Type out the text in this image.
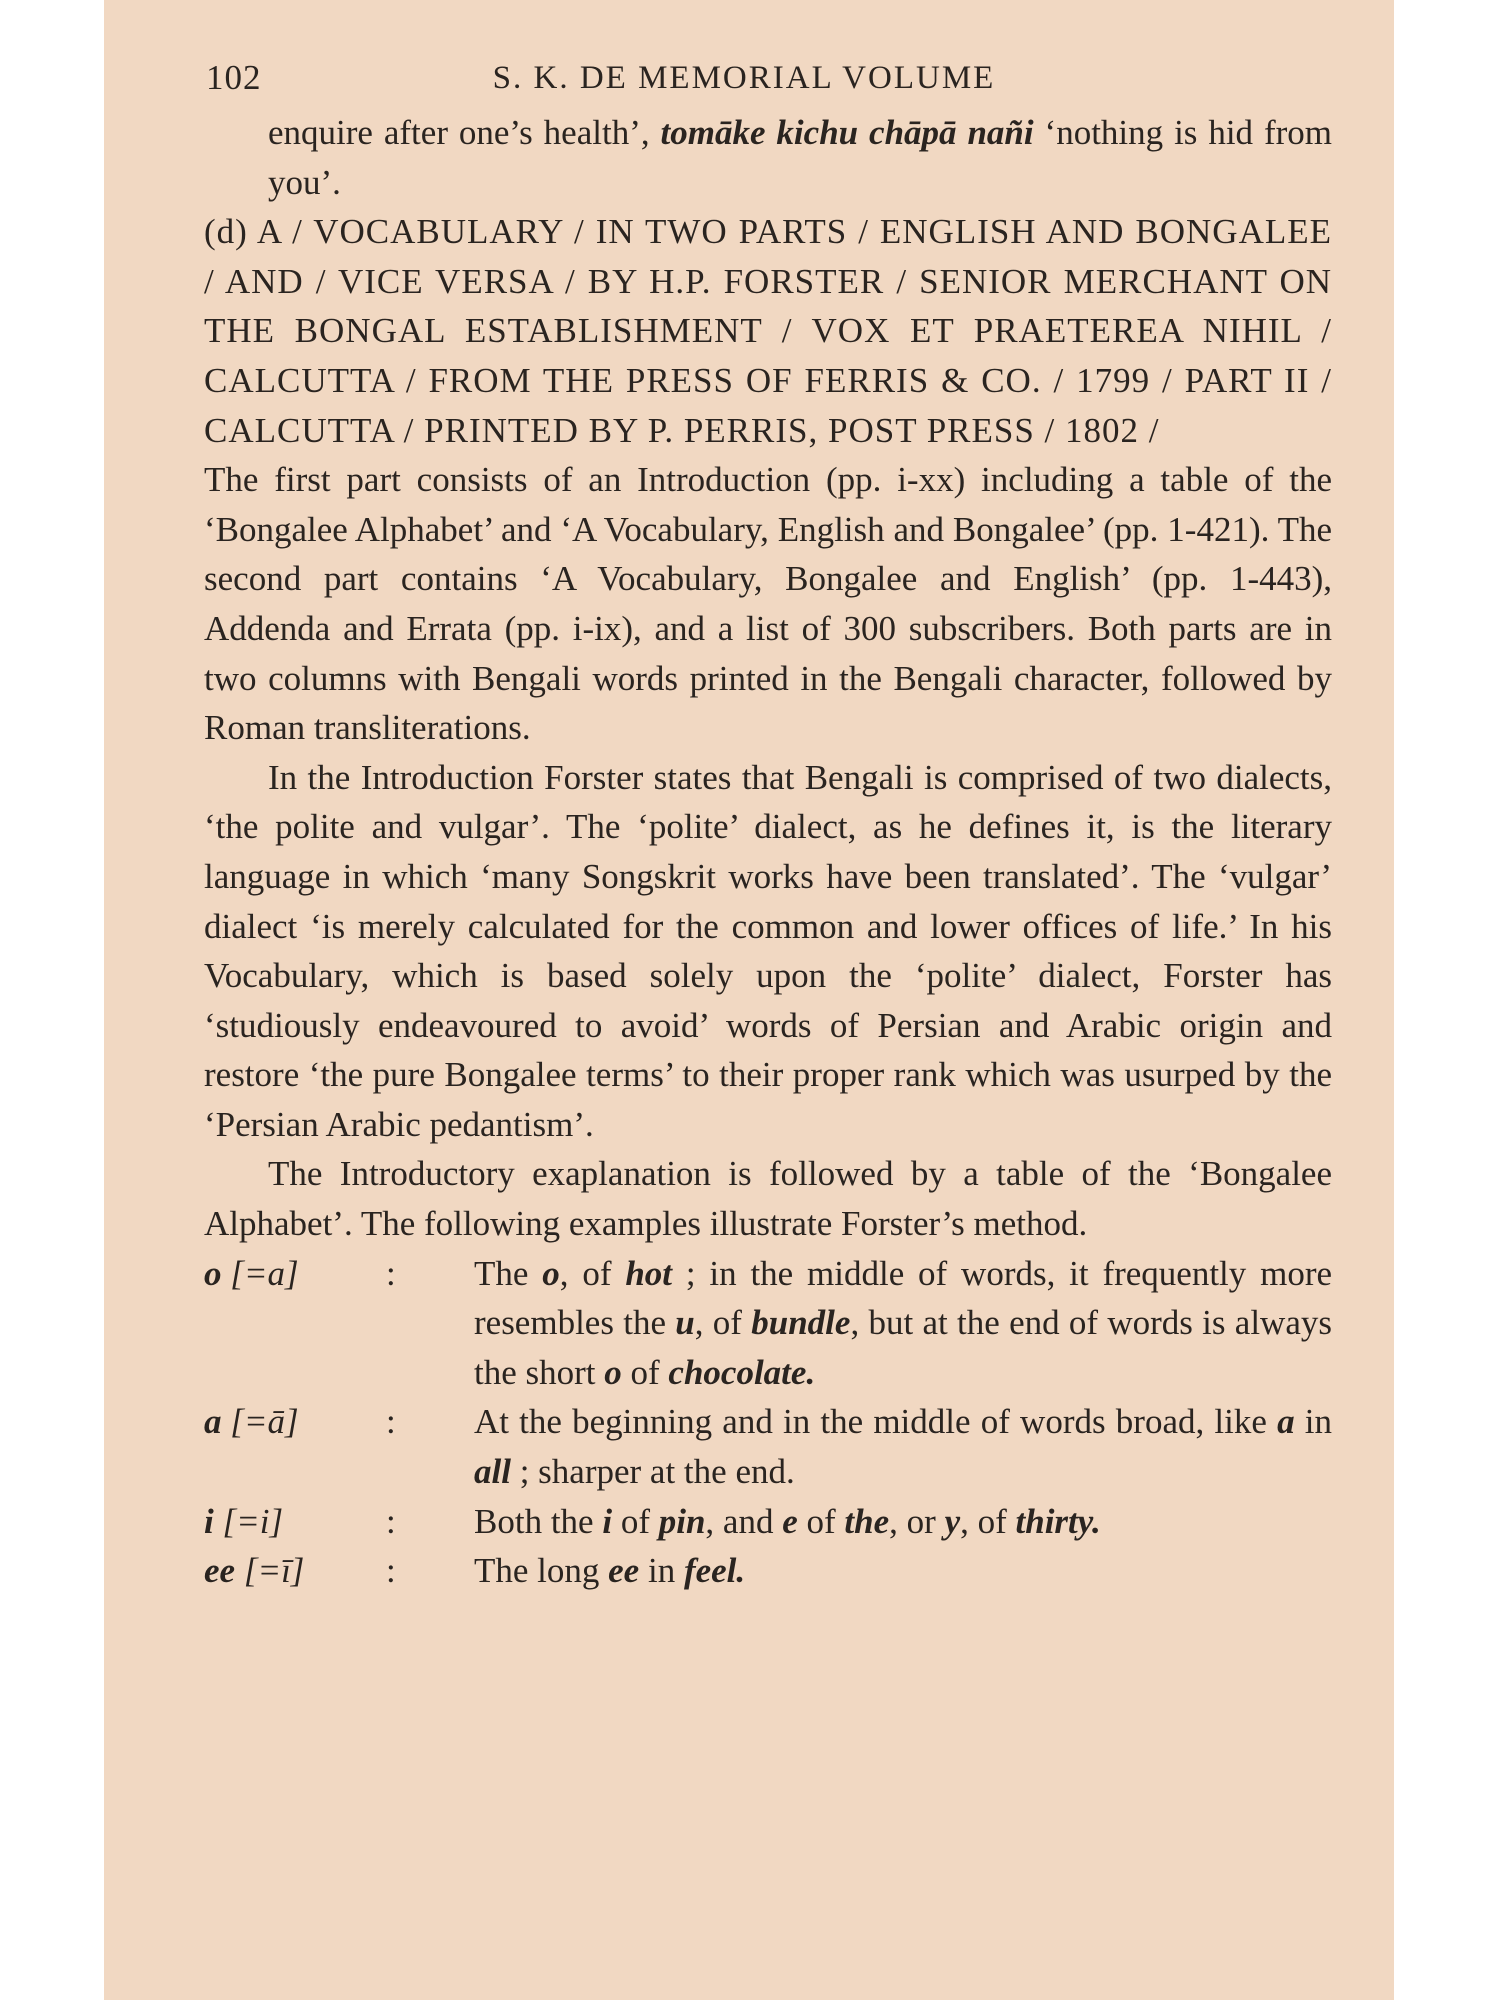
102	S. K. DE MEMORIAL VOLUME

enquire after one’s health’, tomāke kichu chāpā nañi ‘nothing is hid from you’.

(d) A / VOCABULARY / IN TWO PARTS / ENGLISH AND BONGALEE / AND / VICE VERSA / BY H.P. FORSTER / SENIOR MERCHANT ON THE BONGAL ESTABLISHMENT / VOX ET PRAETEREA NIHIL / CALCUTTA / FROM THE PRESS OF FERRIS & CO. / 1799 / PART II / CALCUTTA / PRINTED BY P. PERRIS, POST PRESS / 1802 /

The first part consists of an Introduction (pp. i-xx) including a table of the ‘Bongalee Alphabet’ and ‘A Vocabulary, English and Bongalee’ (pp. 1-421). The second part contains ‘A Vocabulary, Bongalee and English’ (pp. 1-443), Addenda and Errata (pp. i-ix), and a list of 300 subscribers. Both parts are in two columns with Bengali words printed in the Bengali character, followed by Roman transliterations.

In the Introduction Forster states that Bengali is comprised of two dialects, ‘the polite and vulgar’. The ‘polite’ dialect, as he defines it, is the literary language in which ‘many Songskrit works have been translated’. The ‘vulgar’ dialect ‘is merely calculated for the common and lower offices of life.’ In his Vocabulary, which is based solely upon the ‘polite’ dialect, Forster has ‘studiously endeavoured to avoid’ words of Persian and Arabic origin and restore ‘the pure Bongalee terms’ to their proper rank which was usurped by the ‘Persian Arabic pedantism’.

The Introductory exaplanation is followed by a table of the ‘Bongalee Alphabet’. The following examples illustrate Forster’s method.

o [=a]	:	The o, of hot ; in the middle of words, it frequently more resembles the u, of bundle, but at the end of words is always the short o of chocolate.
a [=ā]	:	At the beginning and in the middle of words broad, like a in all ; sharper at the end.
i [=i]	:	Both the i of pin, and e of the, or y, of thirty.
ee [=ī]	:	The long ee in feel.
